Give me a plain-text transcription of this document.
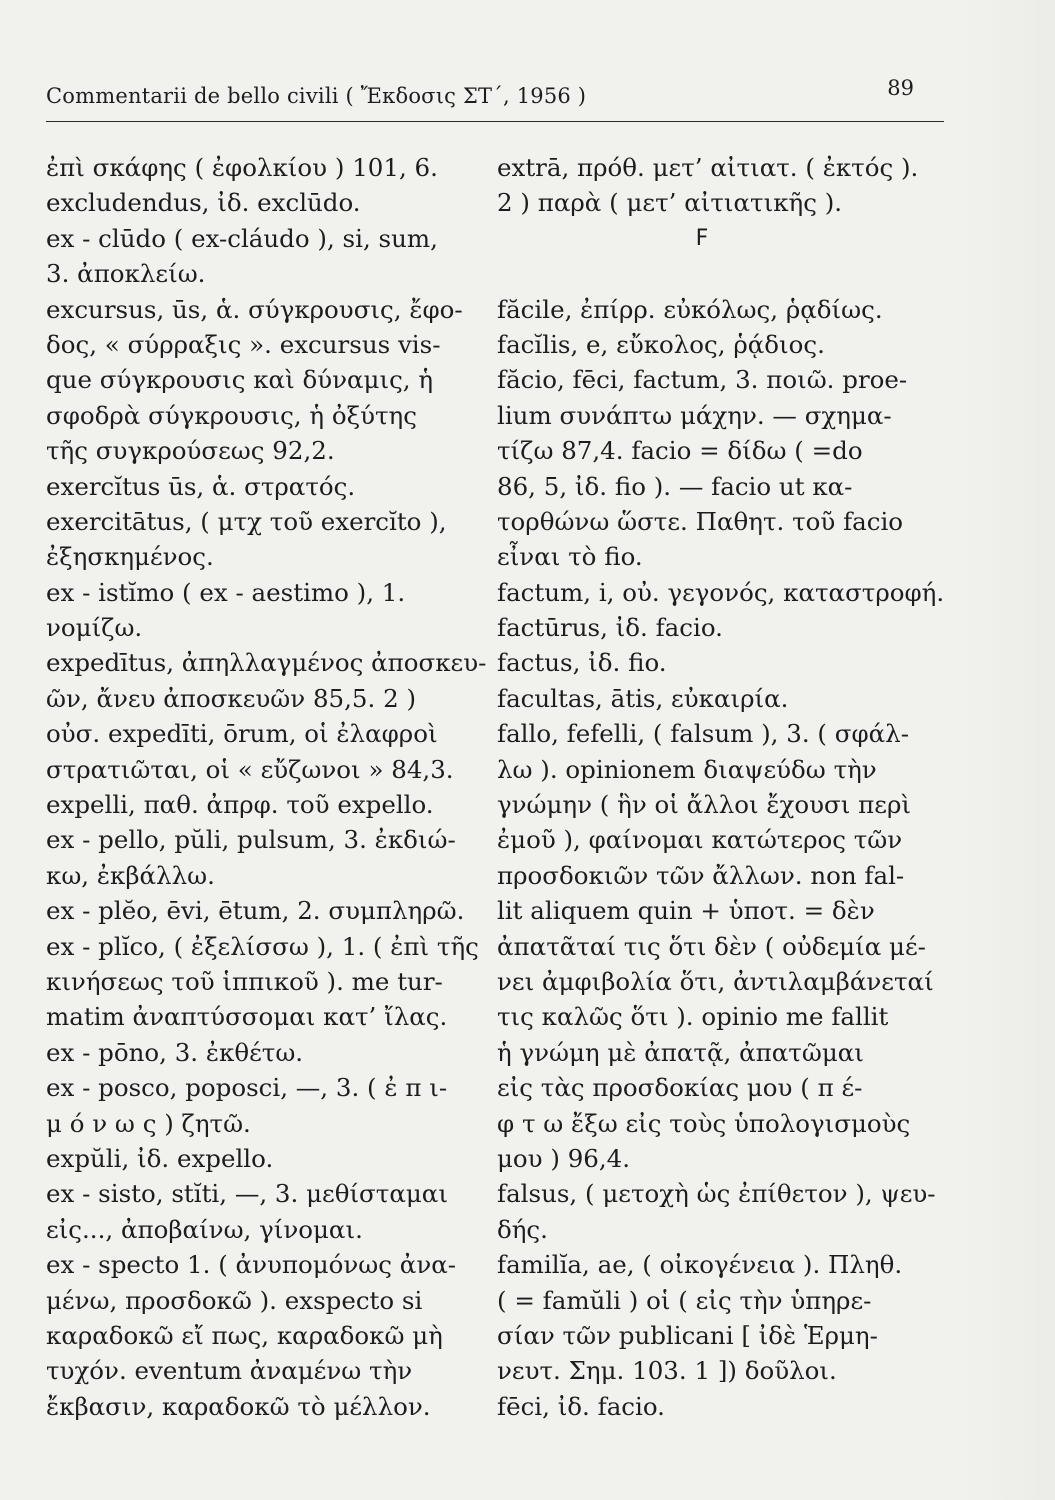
Commentarii de bello civili ( Ἔκδοσις ΣΤ΄, 1956 )	89
ἐπὶ σκάφης ( ἐφολκίου ) 101, 6.
excludendus, ἰδ. exclūdo.
ex - clūdo ( ex-cláudo ), si, sum,
3. ἀποκλείω.
excursus, ūs, ἁ. σύγκρουσις, ἔφο-
δος, « σύρραξις ». excursus vis-
que σύγκρουσις καὶ δύναμις, ἡ
σφοδρὰ σύγκρουσις, ἡ ὀξύτης
τῆς συγκρούσεως 92,2.
exercĭtus ūs, ἁ. στρατός.
exercitātus, ( μτχ τοῦ exercĭto ),
ἐξησκημένος.
ex - istĭmo ( ex - aestimo ), 1.
νομίζω.
expedītus, ἀπηλλαγμένος ἀποσκευ-
ῶν, ἄνευ ἀποσκευῶν 85,5. 2 )
οὐσ. expedīti, ōrum, οἱ ἐλαφροὶ
στρατιῶται, οἱ « εὔζωνοι » 84,3.
expelli, παθ. ἀπρφ. τοῦ expello.
ex - pello, pŭli, pulsum, 3. ἐκδιώ-
κω, ἐκβάλλω.
ex - plĕo, ēvi, ētum, 2. συμπληρῶ.
ex - plĭco, ( ἐξελίσσω ), 1. ( ἐπὶ τῆς
κινήσεως τοῦ ἱππικοῦ ). me tur-
matim ἀναπτύσσομαι κατ’ ἴλας.
ex - pōno, 3. ἐκθέτω.
ex - posco, poposci, —, 3. ( ἐ π ι-
μ ό ν ω ς ) ζητῶ.
expŭli, ἰδ. expello.
ex - sisto, stĭti, —, 3. μεθίσταμαι
εἰς..., ἀποβαίνω, γίνομαι.
ex - specto 1. ( ἀνυπομόνως ἀνα-
μένω, προσδοκῶ ). exspecto si
καραδοκῶ εἴ πως, καραδοκῶ μὴ
τυχόν. eventum ἀναμένω τὴν
ἔκβασιν, καραδοκῶ τὸ μέλλον.
extrā, πρόθ. μετ’ αἰτιατ. ( ἐκτός ).
2 ) παρὰ ( μετ’ αἰτιατικῆς ).
F
făcile, ἐπίρρ. εὐκόλως, ῥᾳδίως.
facĭlis, e, εὔκολος, ῥᾴδιος.
făcio, fēci, factum, 3. ποιῶ. proe-
lium συνάπτω μάχην. — σχημα-
τίζω 87,4. facio = δίδω ( =do
86, 5, ἰδ. fio ). — facio ut κα-
τορθώνω ὥστε. Παθητ. τοῦ facio
εἶναι τὸ fio.
factum, i, οὐ. γεγονός, καταστροφή.
factūrus, ἰδ. facio.
factus, ἰδ. fio.
facultas, ātis, εὐκαιρία.
fallo, fefelli, ( falsum ), 3. ( σφάλ-
λω ). opinionem διαψεύδω τὴν
γνώμην ( ἣν οἱ ἄλλοι ἔχουσι περὶ
ἐμοῦ ), φαίνομαι κατώτερος τῶν
προσδοκιῶν τῶν ἄλλων. non fal-
lit aliquem quin + ὑποτ. = δὲν
ἀπατᾶταί τις ὅτι δὲν ( οὐδεμία μέ-
νει ἀμφιβολία ὅτι, ἀντιλαμβάνεταί
τις καλῶς ὅτι ). opinio me fallit
ἡ γνώμη μὲ ἀπατᾷ, ἀπατῶμαι
εἰς τὰς προσδοκίας μου ( π έ-
φ τ ω ἔξω εἰς τοὺς ὑπολογισμοὺς
μου ) 96,4.
falsus, ( μετοχὴ ὡς ἐπίθετον ), ψευ-
δής.
familĭa, ae, ( οἰκογένεια ). Πληθ.
( = famŭli ) οἱ ( εἰς τὴν ὑπηρε-
σίαν τῶν publicani [ ἰδὲ Ἑρμη-
νευτ. Σημ. 103. 1 ]) δοῦλοι.
fēci, ἰδ. facio.
